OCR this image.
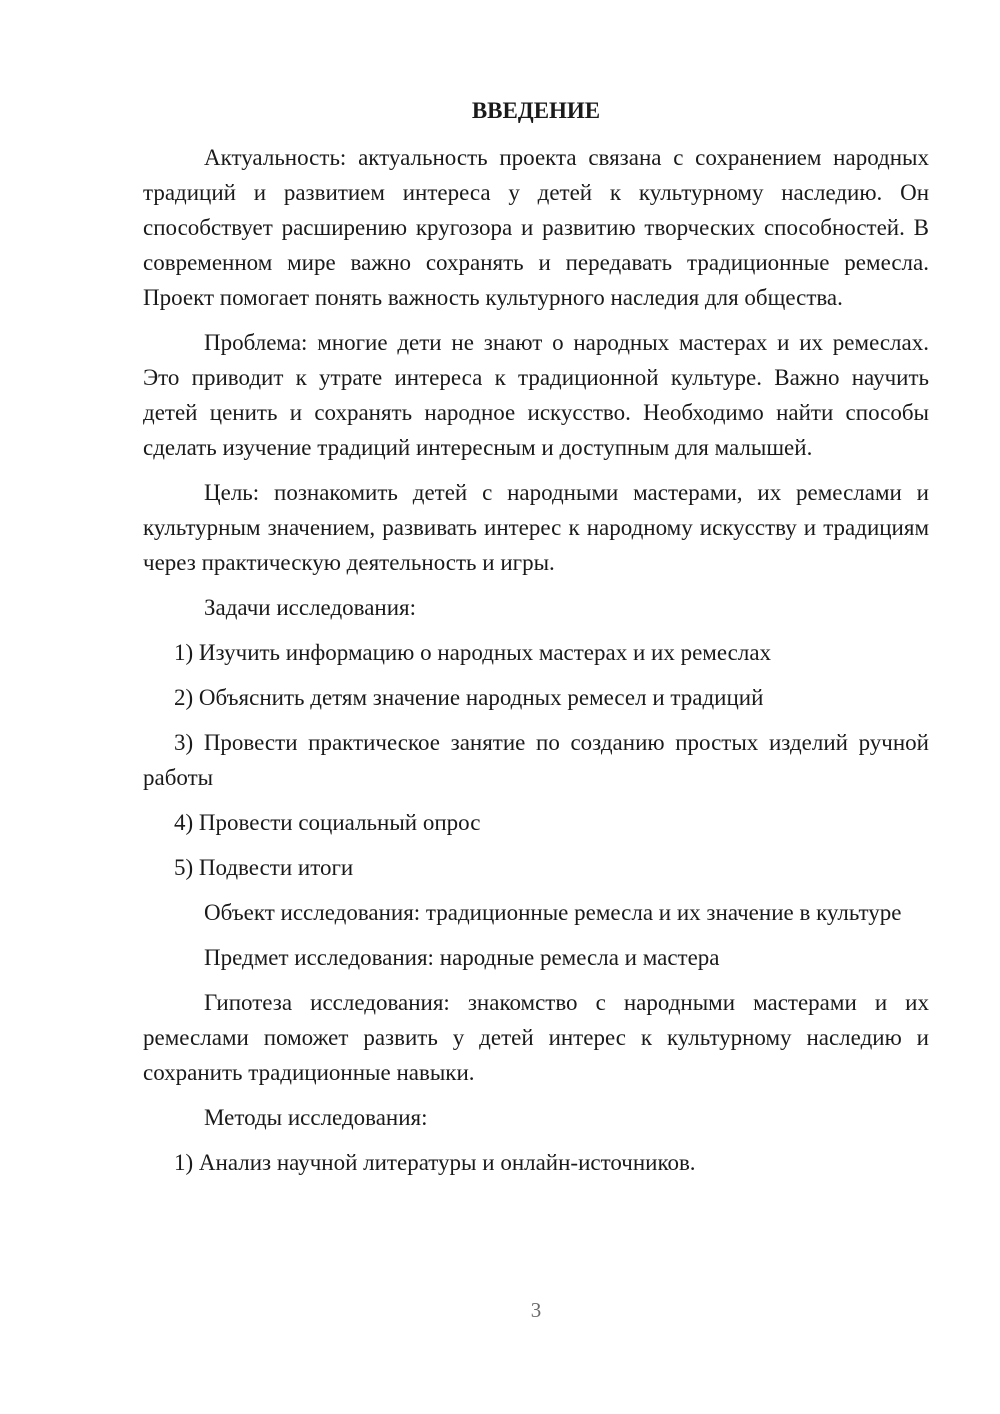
ВВЕДЕНИЕ

Актуальность: актуальность проекта связана с сохранением народных традиций и развитием интереса у детей к культурному наследию. Он способствует расширению кругозора и развитию творческих способностей. В современном мире важно сохранять и передавать традиционные ремесла. Проект помогает понять важность культурного наследия для общества.

Проблема: многие дети не знают о народных мастерах и их ремеслах. Это приводит к утрате интереса к традиционной культуре. Важно научить детей ценить и сохранять народное искусство. Необходимо найти способы сделать изучение традиций интересным и доступным для малышей.

Цель: познакомить детей с народными мастерами, их ремеслами и культурным значением, развивать интерес к народному искусству и традициям через практическую деятельность и игры.

Задачи исследования:

1) Изучить информацию о народных мастерах и их ремеслах

2) Объяснить детям значение народных ремесел и традиций

3) Провести практическое занятие по созданию простых изделий ручной работы

4) Провести социальный опрос

5) Подвести итоги

Объект исследования: традиционные ремесла и их значение в культуре

Предмет исследования: народные ремесла и мастера

Гипотеза исследования: знакомство с народными мастерами и их ремеслами поможет развить у детей интерес к культурному наследию и сохранить традиционные навыки.

Методы исследования:

1) Анализ научной литературы и онлайн-источников.

3
